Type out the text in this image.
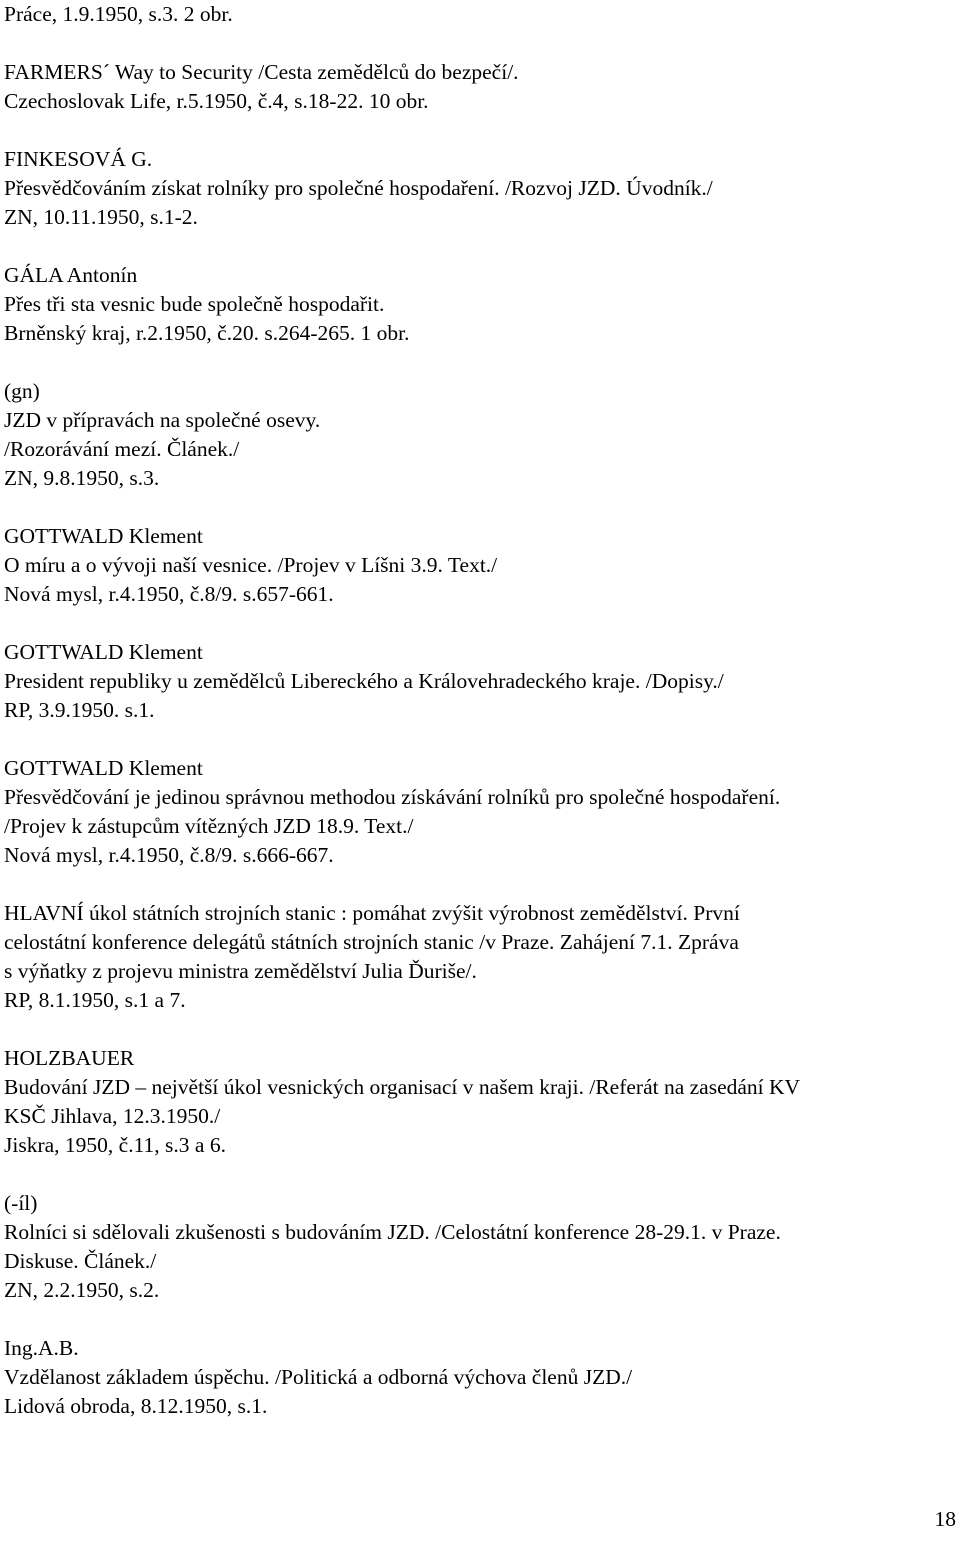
Práce, 1.9.1950, s.3. 2 obr.

FARMERS´ Way to Security /Cesta zemědělců do bezpečí/.

Czechoslovak Life, r.5.1950, č.4, s.18-22. 10 obr.

FINKESOVÁ G.

Přesvědčováním získat rolníky pro společné hospodaření. /Rozvoj JZD. Úvodník./

ZN, 10.11.1950, s.1-2.

GÁLA Antonín

Přes tři sta vesnic bude společně hospodařit.

Brněnský kraj, r.2.1950, č.20. s.264-265. 1 obr.

(gn)

JZD v přípravách na společné osevy.

/Rozorávání mezí. Článek./

ZN, 9.8.1950, s.3.

GOTTWALD Klement

O míru a o vývoji naší vesnice. /Projev v Líšni 3.9. Text./

Nová mysl, r.4.1950, č.8/9. s.657-661.

GOTTWALD Klement

President republiky u zemědělců Libereckého a Královehradeckého kraje. /Dopisy./

RP, 3.9.1950. s.1.

GOTTWALD Klement

Přesvědčování je jedinou správnou methodou získávání rolníků pro společné hospodaření.

/Projev k zástupcům vítězných JZD 18.9. Text./

Nová mysl, r.4.1950, č.8/9. s.666-667.

HLAVNÍ úkol státních strojních stanic : pomáhat zvýšit výrobnost zemědělství. První

celostátní konference delegátů státních strojních stanic /v Praze. Zahájení 7.1. Zpráva

s výňatky z projevu ministra zemědělství Julia Ďuriše/.

RP, 8.1.1950, s.1 a 7.

HOLZBAUER

Budování JZD – největší úkol vesnických organisací v našem kraji. /Referát na zasedání KV

KSČ Jihlava, 12.3.1950./

Jiskra, 1950, č.11, s.3 a 6.

(-íl)

Rolníci si sdělovali zkušenosti s budováním JZD. /Celostátní konference 28-29.1. v Praze.

Diskuse. Článek./

ZN, 2.2.1950, s.2.

Ing.A.B.

Vzdělanost základem úspěchu. /Politická a odborná výchova členů JZD./

Lidová obroda, 8.12.1950, s.1.

18
